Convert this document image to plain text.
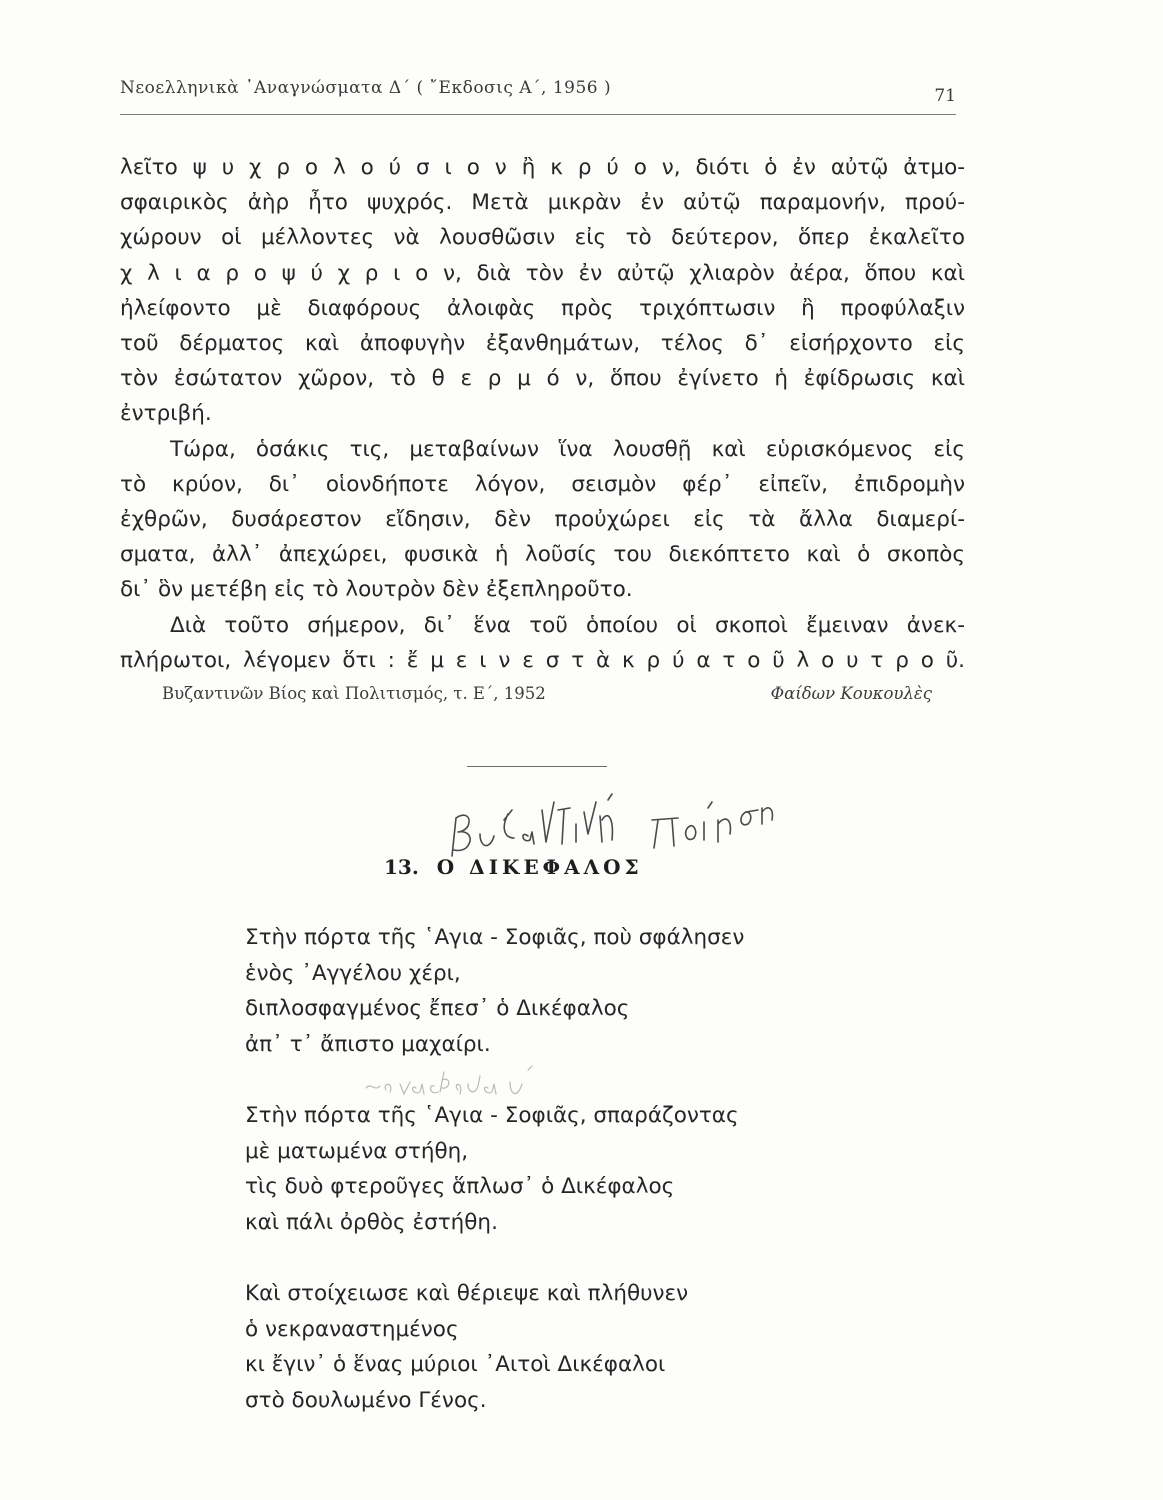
Νεοελληνικὰ ᾿Αναγνώσματα Δ΄ ( ῎Εκδοσις Α΄, 1956 )	71

λεῖτο ψ υ χ ρ ο λ ο ύ σ ι ο ν ἢ κ ρ ύ ο ν, διότι ὁ ἐν αὐτῷ ἀτμο-
σφαιρικὸς ἀὴρ ἦτο ψυχρός. Μετὰ μικρὰν ἐν αὐτῷ παραμονήν, πρού-
χώρουν οἱ μέλλοντες νὰ λουσθῶσιν εἰς τὸ δεύτερον, ὅπερ ἐκαλεῖτο
χ λ ι α ρ ο ψ ύ χ ρ ι ο ν, διὰ τὸν ἐν αὐτῷ χλιαρὸν ἀέρα, ὅπου καὶ
ἠλείφοντο μὲ διαφόρους ἀλοιφὰς πρὸς τριχόπτωσιν ἢ προφύλαξιν
τοῦ δέρματος καὶ ἀποφυγὴν ἐξανθημάτων, τέλος δ᾿ εἰσήρχοντο εἰς
τὸν ἐσώτατον χῶρον, τὸ θ ε ρ μ ό ν, ὅπου ἐγίνετο ἡ ἐφίδρωσις καὶ
ἐντριβή.

Τώρα, ὁσάκις τις, μεταβαίνων ἵνα λουσθῇ καὶ εὑρισκόμενος εἰς
τὸ κρύον, δι᾿ οἱονδήποτε λόγον, σεισμὸν φέρ᾿ εἰπεῖν, ἐπιδρομὴν
ἐχθρῶν, δυσάρεστον εἴδησιν, δὲν προὐχώρει εἰς τὰ ἄλλα διαμερί-
σματα, ἀλλ᾿ ἀπεχώρει, φυσικὰ ἡ λοῦσίς του διεκόπτετο καὶ ὁ σκοπὸς
δι᾿ ὃν μετέβη εἰς τὸ λουτρὸν δὲν ἐξεπληροῦτο.

Διὰ τοῦτο σήμερον, δι᾿ ἕνα τοῦ ὁποίου οἱ σκοποὶ ἔμειναν ἀνεκ-
πλήρωτοι, λέγομεν ὅτι : ἔ μ ε ι ν ε σ τ ὰ κ ρ ύ α τ ο ῦ λ ο υ τ ρ ο ῦ.

Βυζαντινῶν Βίος καὶ Πολιτισμός, τ. Ε΄, 1952	Φαίδων Κουκουλὲς
13. Ο ΔΙΚΕΦΑΛΟΣ
Στὴν πόρτα τῆς ῾Αγια - Σοφιᾶς, ποὺ σφάλησεν
ἑνὸς ᾿Αγγέλου χέρι,
διπλοσφαγμένος ἔπεσ᾿ ὁ Δικέφαλος
ἀπ᾿ τ᾿ ἄπιστο μαχαίρι.
Στὴν πόρτα τῆς ῾Αγια - Σοφιᾶς, σπαράζοντας
μὲ ματωμένα στήθη,
τὶς δυὸ φτεροῦγες ἅπλωσ᾿ ὁ Δικέφαλος
καὶ πάλι ὀρθὸς ἐστήθη.
Καὶ στοίχειωσε καὶ θέριεψε καὶ πλήθυνεν
ὁ νεκραναστημένος
κι ἔγιν᾿ ὁ ἕνας μύριοι ᾿Αιτοὶ Δικέφαλοι
στὸ δουλωμένο Γένος.
